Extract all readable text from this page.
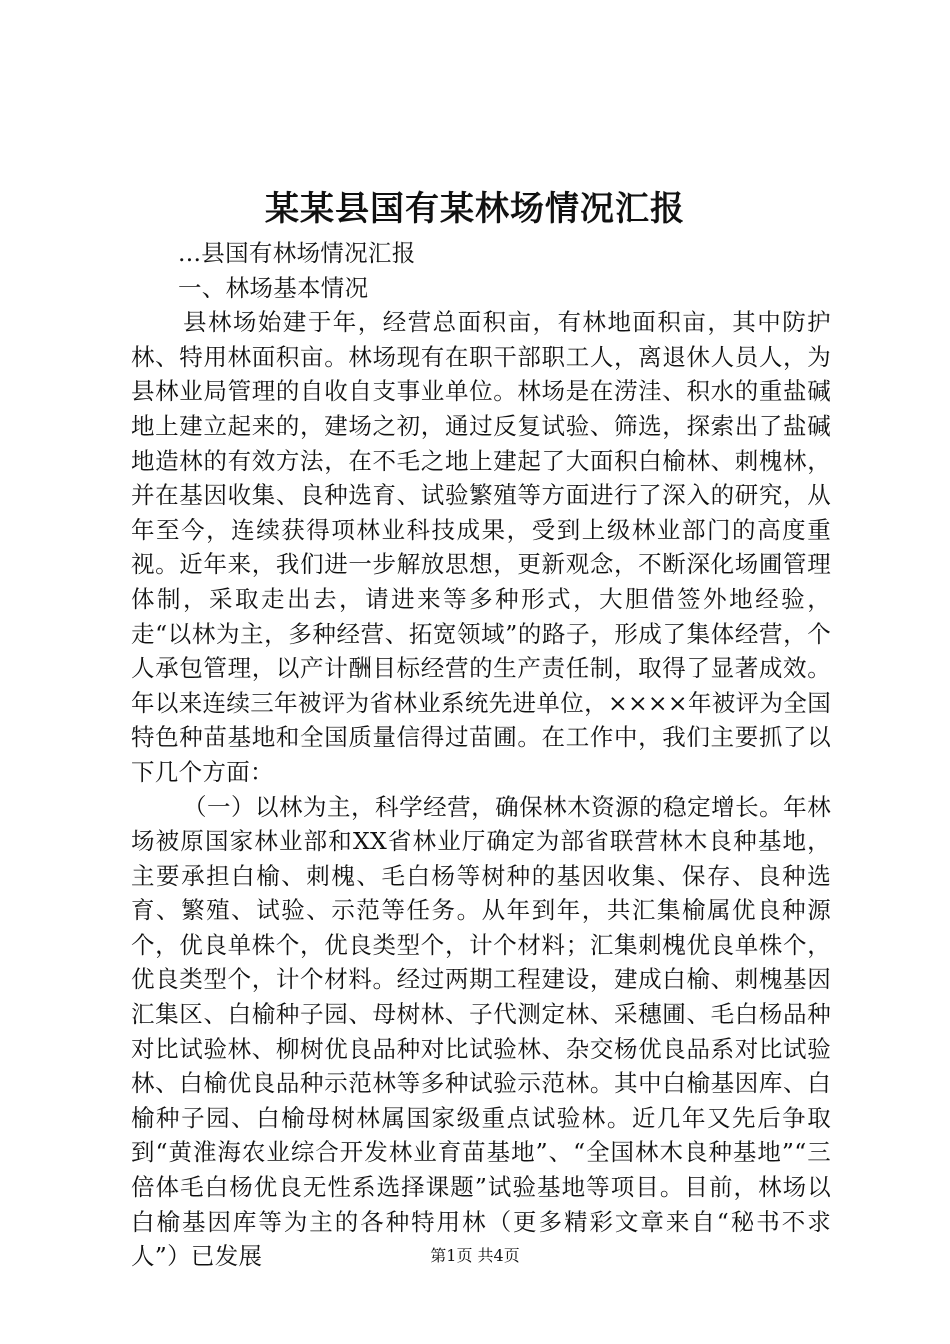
某某县国有某林场情况汇报

...县国有林场情况汇报

一、林场基本情况

县林场始建于年，经营总面积亩，有林地面积亩，其中防护林、特用林面积亩。林场现有在职干部职工人，离退休人员人，为县林业局管理的自收自支事业单位。林场是在涝洼、积水的重盐碱地上建立起来的，建场之初，通过反复试验、筛选，探索出了盐碱地造林的有效方法，在不毛之地上建起了大面积白榆林、刺槐林，并在基因收集、良种选育、试验繁殖等方面进行了深入的研究，从年至今，连续获得项林业科技成果，受到上级林业部门的高度重视。近年来，我们进一步解放思想，更新观念，不断深化场圃管理体制，采取走出去，请进来等多种形式，大胆借签外地经验，走“以林为主，多种经营、拓宽领域”的路子，形成了集体经营，个人承包管理，以产计酬目标经营的生产责任制，取得了显著成效。年以来连续三年被评为省林业系统先进单位，××××年被评为全国特色种苗基地和全国质量信得过苗圃。在工作中，我们主要抓了以下几个方面：

（一）以林为主，科学经营，确保林木资源的稳定增长。年林场被原国家林业部和XX省林业厅确定为部省联营林木良种基地，主要承担白榆、刺槐、毛白杨等树种的基因收集、保存、良种选育、繁殖、试验、示范等任务。从年到年，共汇集榆属优良种源个，优良单株个，优良类型个，计个材料；汇集刺槐优良单株个，优良类型个，计个材料。经过两期工程建设，建成白榆、刺槐基因汇集区、白榆种子园、母树林、子代测定林、采穗圃、毛白杨品种对比试验林、柳树优良品种对比试验林、杂交杨优良品系对比试验林、白榆优良品种示范林等多种试验示范林。其中白榆基因库、白榆种子园、白榆母树林属国家级重点试验林。近几年又先后争取到“黄淮海农业综合开发林业育苗基地”、“全国林木良种基地”“三倍体毛白杨优良无性系选择课题”试验基地等项目。目前，林场以白榆基因库等为主的各种特用林（更多精彩文章来自“秘书不求人”）已发展	第1页 共4页
